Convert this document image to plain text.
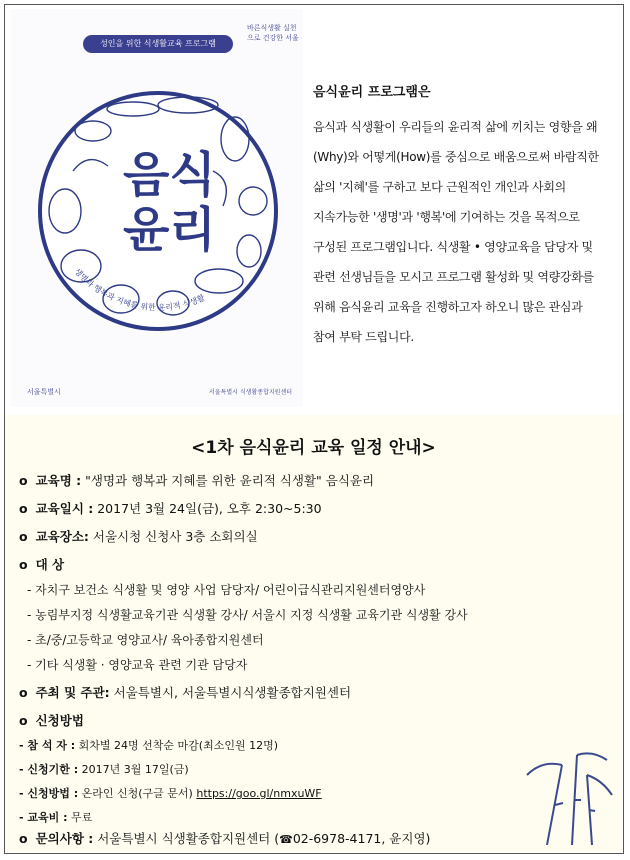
성인을 위한 식생활교육 프로그램
바른식생활 실천으로 건강한 서울
음식
윤리
생명과 행복과 지혜를 위한 윤리적 식생활
서울특별시	서울특별시 식생활종합지원센터
음식윤리 프로그램은

음식과 식생활이 우리들의 윤리적 삶에 끼치는 영향을 왜

(Why)와 어떻게(How)를 중심으로 배움으로써 바람직한

삶의 '지혜'를 구하고 보다 근원적인 개인과 사회의

지속가능한 '생명'과 '행복'에 기여하는 것을 목적으로

구성된 프로그램입니다. 식생활 • 영양교육을 담당자 및

관련 선생님들을 모시고 프로그램 활성화 및 역량강화를

위해 음식윤리 교육을 진행하고자 하오니 많은 관심과

참여 부탁 드립니다.

<1차 음식윤리 교육 일정 안내>
o 교육명 : "생명과 행복과 지혜를 위한 윤리적 식생활" 음식윤리
o 교육일시 : 2017년 3월 24일(금), 오후 2:30~5:30
o 교육장소: 서울시청 신청사 3층 소회의실
o 대 상
- 자치구 보건소 식생활 및 영양 사업 담당자/ 어린이급식관리지원센터영양사
- 농림부지정 식생활교육기관 식생활 강사/ 서울시 지정 식생활 교육기관 식생활 강사
- 초/중/고등학교 영양교사/ 육아종합지원센터
- 기타 식생활 · 영양교육 관련 기관 담당자
o 주최 및 주관: 서울특별시, 서울특별시식생활종합지원센터
o 신청방법
- 참 석 자 : 회차별 24명 선착순 마감(최소인원 12명)
- 신청기한 : 2017년 3월 17일(금)
- 신청방법 : 온라인 신청(구글 문서) https://goo.gl/nmxuWF
- 교육비 : 무료
o 문의사항 : 서울특별시 식생활종합지원센터 (☎02-6978-4171, 윤지영)
